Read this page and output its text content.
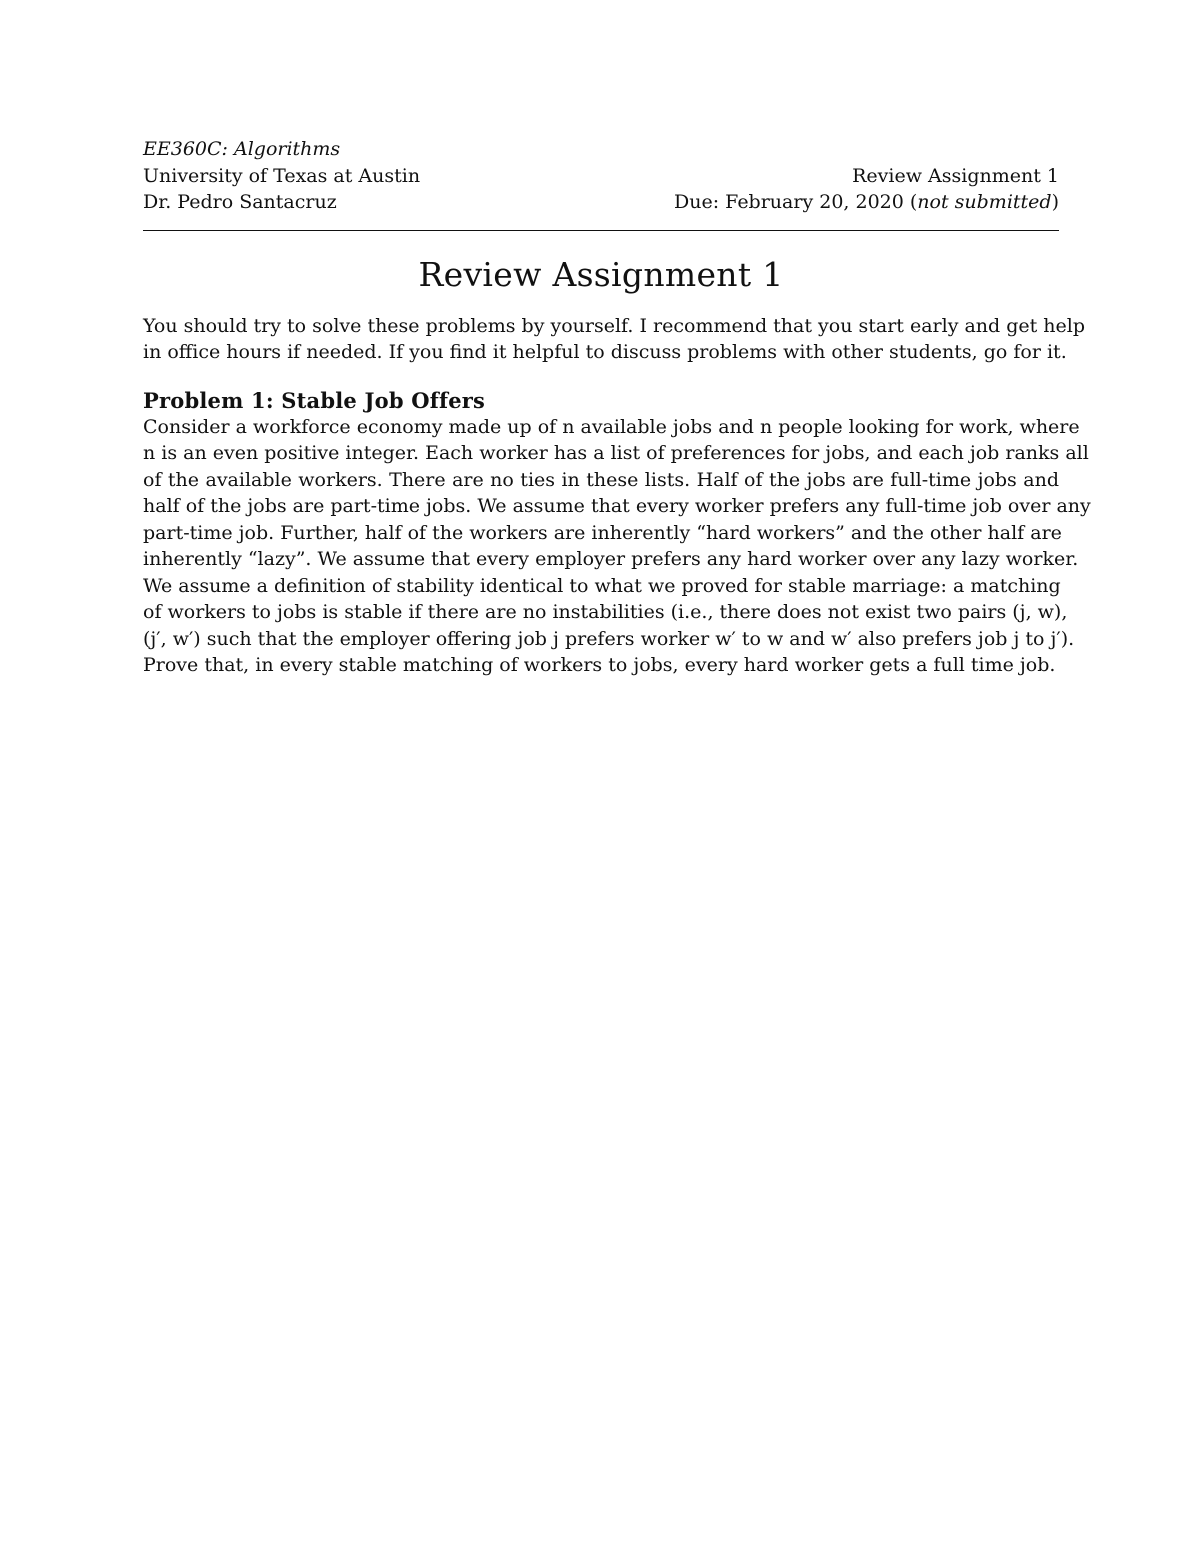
EE360C: Algorithms
University of Texas at Austin	Review Assignment 1
Dr. Pedro Santacruz	Due: February 20, 2020 (not submitted)
Review Assignment 1
You should try to solve these problems by yourself. I recommend that you start early and get help
in office hours if needed. If you find it helpful to discuss problems with other students, go for it.
Problem 1: Stable Job Offers
Consider a workforce economy made up of n available jobs and n people looking for work, where
n is an even positive integer. Each worker has a list of preferences for jobs, and each job ranks all
of the available workers. There are no ties in these lists. Half of the jobs are full-time jobs and
half of the jobs are part-time jobs. We assume that every worker prefers any full-time job over any
part-time job. Further, half of the workers are inherently “hard workers” and the other half are
inherently “lazy”. We assume that every employer prefers any hard worker over any lazy worker.
We assume a definition of stability identical to what we proved for stable marriage: a matching
of workers to jobs is stable if there are no instabilities (i.e., there does not exist two pairs (j, w),
(j′, w′) such that the employer offering job j prefers worker w′ to w and w′ also prefers job j to j′).
Prove that, in every stable matching of workers to jobs, every hard worker gets a full time job.
